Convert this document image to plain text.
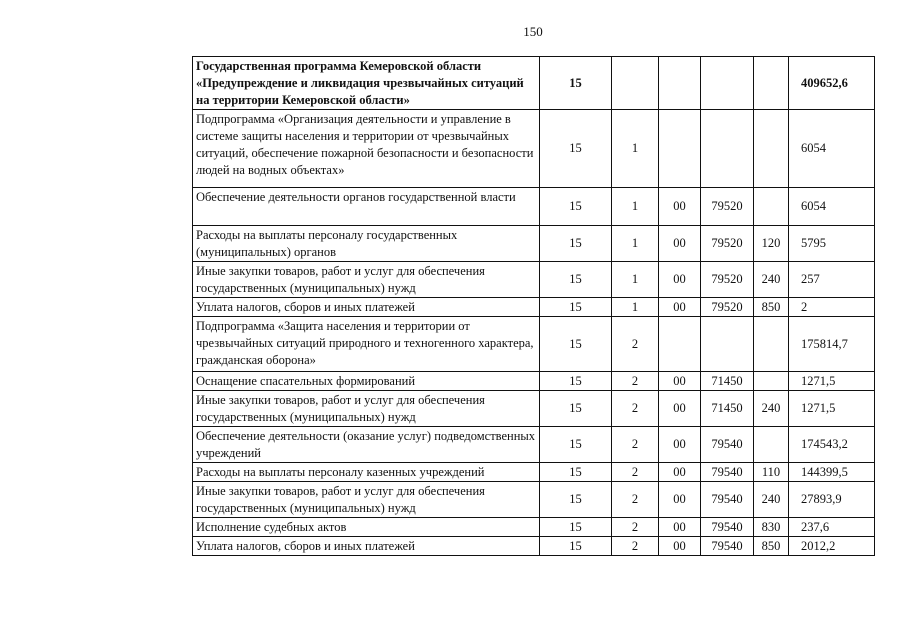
150
Государственная программа Кемеровской области «Предупреждение и ликвидация чрезвычайных ситуаций на территории Кемеровской области»	15					409652,6
Подпрограмма «Организация деятельности и управление в системе защиты населения и территории от чрезвычайных ситуаций, обеспечение пожарной безопасности и безопасности людей на водных объектах»	15	1				6054
Обеспечение деятельности органов государственной власти	15	1	00	79520		6054
Расходы на выплаты персоналу государственных (муниципальных) органов	15	1	00	79520	120	5795
Иные закупки товаров, работ и услуг для обеспечения государственных (муниципальных) нужд	15	1	00	79520	240	257
Уплата налогов, сборов и иных платежей	15	1	00	79520	850	2
Подпрограмма «Защита населения и территории от чрезвычайных ситуаций природного и техногенного характера, гражданская оборона»	15	2				175814,7
Оснащение спасательных формирований	15	2	00	71450		1271,5
Иные закупки товаров, работ и услуг для обеспечения государственных (муниципальных) нужд	15	2	00	71450	240	1271,5
Обеспечение деятельности (оказание услуг) подведомственных учреждений	15	2	00	79540		174543,2
Расходы на выплаты персоналу казенных учреждений	15	2	00	79540	110	144399,5
Иные закупки товаров, работ и услуг для обеспечения государственных (муниципальных) нужд	15	2	00	79540	240	27893,9
Исполнение судебных актов	15	2	00	79540	830	237,6
Уплата налогов, сборов и иных платежей	15	2	00	79540	850	2012,2
